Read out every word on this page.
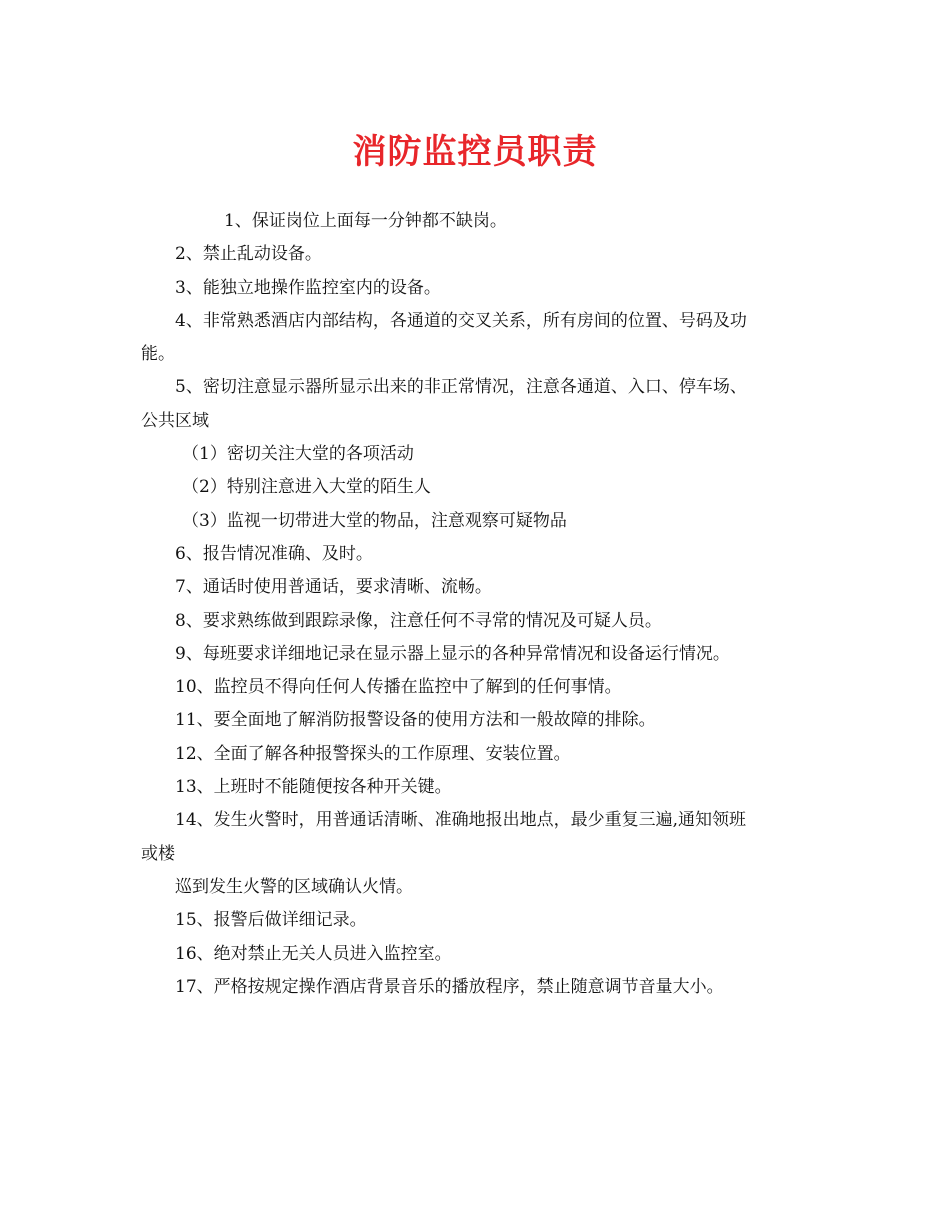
消防监控员职责
1、保证岗位上面每一分钟都不缺岗。
2、禁止乱动设备。
3、能独立地操作监控室内的设备。
4、非常熟悉酒店内部结构，各通道的交叉关系，所有房间的位置、号码及功
能。
5、密切注意显示器所显示出来的非正常情况，注意各通道、入口、停车场、
公共区域
（1）密切关注大堂的各项活动
（2）特别注意进入大堂的陌生人
（3）监视一切带进大堂的物品，注意观察可疑物品
6、报告情况准确、及时。
7、通话时使用普通话，要求清晰、流畅。
8、要求熟练做到跟踪录像，注意任何不寻常的情况及可疑人员。
9、每班要求详细地记录在显示器上显示的各种异常情况和设备运行情况。
10、监控员不得向任何人传播在监控中了解到的任何事情。
11、要全面地了解消防报警设备的使用方法和一般故障的排除。
12、全面了解各种报警探头的工作原理、安装位置。
13、上班时不能随便按各种开关键。
14、发生火警时，用普通话清晰、准确地报出地点，最少重复三遍,通知领班
或楼
巡到发生火警的区域确认火情。
15、报警后做详细记录。
16、绝对禁止无关人员进入监控室。
17、严格按规定操作酒店背景音乐的播放程序，禁止随意调节音量大小。
